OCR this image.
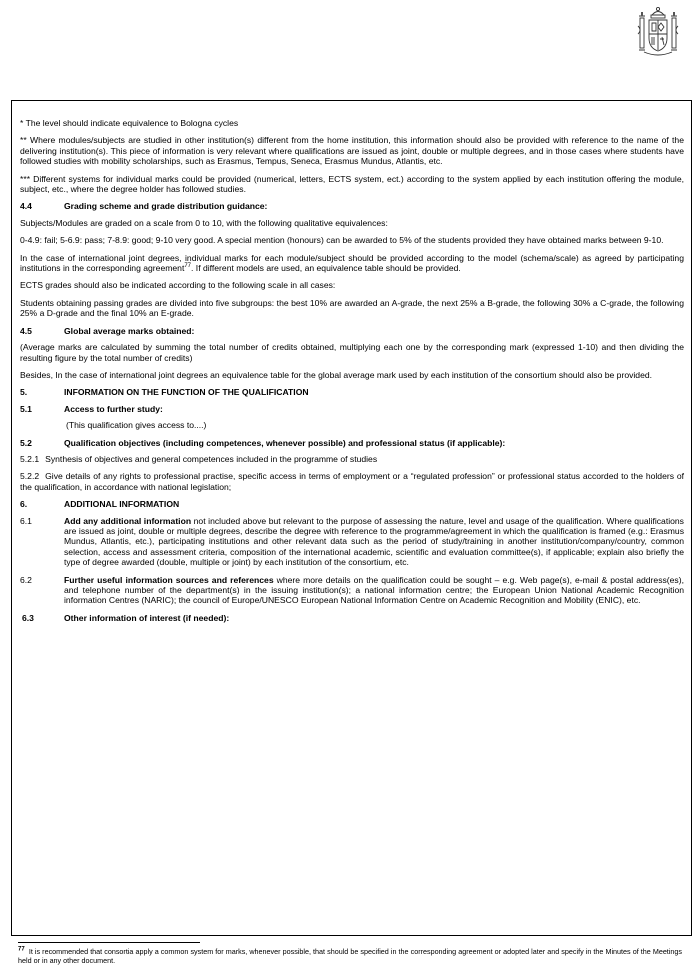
* The level should indicate equivalence to Bologna cycles

** Where modules/subjects are studied in other institution(s) different from the home institution, this information should also be provided with reference to the name of the delivering institution(s). This piece of information is very relevant where qualifications are issued as joint, double or multiple degrees, and in those cases where students have followed studies with mobility scholarships, such as Erasmus, Tempus, Seneca, Erasmus Mundus, Atlantis, etc.

*** Different systems for individual marks could be provided (numerical, letters, ECTS system, ect.) according to the system applied by each institution offering the module, subject, etc., where the degree holder has followed studies.

4.4	Grading scheme and grade distribution guidance:

Subjects/Modules are graded on a scale from 0 to 10, with the following qualitative equivalences:

0-4.9: fail; 5-6.9: pass; 7-8.9: good; 9-10 very good. A special mention (honours) can be awarded to 5% of the students provided they have obtained marks between 9-10.

In the case of international joint degrees, individual marks for each module/subject should be provided according to the model (schema/scale) as agreed by participating institutions in the corresponding agreement$^{77}$. If different models are used, an equivalence table should be provided.

ECTS grades should also be indicated according to the following scale in all cases:

Students obtaining passing grades are divided into five subgroups: the best 10% are awarded an A-grade, the next 25% a B-grade, the following 30% a C-grade, the following 25% a D-grade and the final 10% an E-grade.

4.5	Global average marks obtained:

(Average marks are calculated by summing the total number of credits obtained, multiplying each one by the corresponding mark (expressed 1-10) and then dividing the resulting figure by the total number of credits)

Besides, In the case of international joint degrees an equivalence table for the global average mark used by each institution of the consortium should also be provided.

5.	INFORMATION ON THE FUNCTION OF THE QUALIFICATION
5.1	Access to further study:
(This qualification gives access to....)
5.2	Qualification objectives (including competences, whenever possible) and professional status (if applicable):

5.2.1 Synthesis of objectives and general competences included in the programme of studies

5.2.2 Give details of any rights to professional practise, specific access in terms of employment or a “regulated profession” or professional status accorded to the holders of the qualification, in accordance with national legislation;

6.	ADDITIONAL INFORMATION
6.1	Add any additional information not included above but relevant to the purpose of assessing the nature, level and usage of the qualification. Where qualifications are issued as joint, double or multiple degrees, describe the degree with reference to the programme/agreement in which the qualification is framed (e.g.: Erasmus Mundus, Atlantis, etc.), participating institutions and other relevant data such as the period of study/training in another institution/company/country, common selection, access and assessment criteria, composition of the international academic, scientific and evaluation committee(s), if applicable; explain also briefly the type of degree awarded (double, multiple or joint) by each institution of the consortium, etc.
6.2	Further useful information sources and references where more details on the qualification could be sought – e.g. Web page(s), e-mail & postal address(es), and telephone number of the department(s) in the issuing institution(s); a national information centre; the European Union National Academic Recognition information Centres (NARIC); the council of Europe/UNESCO European National Information Centre on Academic Recognition and Mobility (ENIC), etc.
6.3	Other information of interest (if needed):
$^{77}$ It is recommended that consortia apply a common system for marks, whenever possible, that should be specified in the corresponding agreement or adopted later and specify in the Minutes of the Meetings held or in any other document.
